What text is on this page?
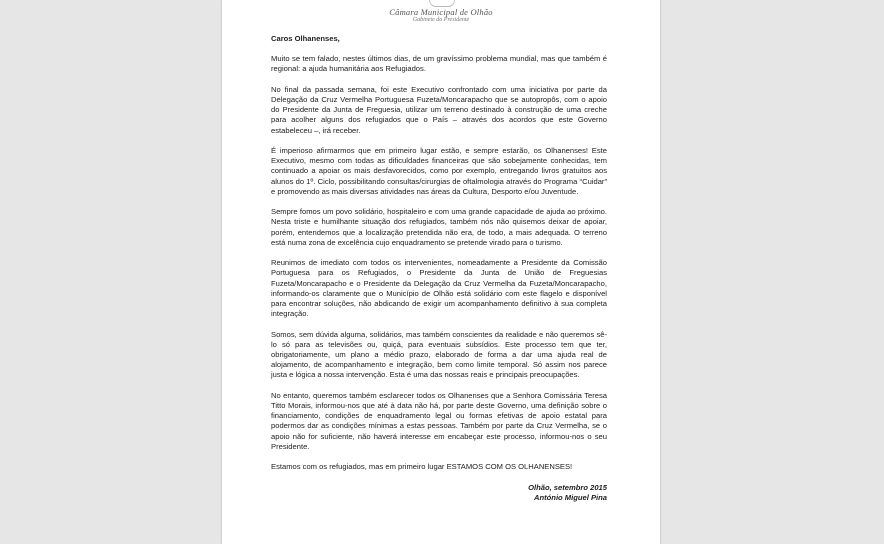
Câmara Municipal de Olhão
Gabinete do Presidente

Caros Olhanenses,

Muito se tem falado, nestes últimos dias, de um gravíssimo problema mundial, mas que também é regional: a ajuda humanitária aos Refugiados.

No final da passada semana, foi este Executivo confrontado com uma iniciativa por parte da Delegação da Cruz Vermelha Portuguesa Fuzeta/Moncarapacho que se autopropôs, com o apoio do Presidente da Junta de Freguesia, utilizar um terreno destinado à construção de uma creche para acolher alguns dos refugiados que o País – através dos acordos que este Governo estabeleceu –, irá receber.

É imperioso afirmarmos que em primeiro lugar estão, e sempre estarão, os Olhanenses! Este Executivo, mesmo com todas as dificuldades financeiras que são sobejamente conhecidas, tem continuado a apoiar os mais desfavorecidos, como por exemplo, entregando livros gratuitos aos alunos do 1º. Ciclo, possibilitando consultas/cirurgias de oftalmologia através do Programa “Cuidar” e promovendo as mais diversas atividades nas áreas da Cultura, Desporto e/ou Juventude.

Sempre fomos um povo solidário, hospitaleiro e com uma grande capacidade de ajuda ao próximo. Nesta triste e humilhante situação dos refugiados, também nós não quisemos deixar de apoiar, porém, entendemos que a localização pretendida não era, de todo, a mais adequada. O terreno está numa zona de excelência cujo enquadramento se pretende virado para o turismo.

Reunimos de imediato com todos os intervenientes, nomeadamente a Presidente da Comissão Portuguesa para os Refugiados, o Presidente da Junta de União de Freguesias Fuzeta/Moncarapacho e o Presidente da Delegação da Cruz Vermelha da Fuzeta/Moncarapacho, informando-os claramente que o Município de Olhão está solidário com este flagelo e disponível para encontrar soluções, não abdicando de exigir um acompanhamento definitivo à sua completa integração.

Somos, sem dúvida alguma, solidários, mas também conscientes da realidade e não queremos sê-lo só para as televisões ou, quiçá, para eventuais subsídios. Este processo tem que ter, obrigatoriamente, um plano a médio prazo, elaborado de forma a dar uma ajuda real de alojamento, de acompanhamento e integração, bem como limite temporal. Só assim nos parece justa e lógica a nossa intervenção. Esta é uma das nossas reais e principais preocupações.

No entanto, queremos também esclarecer todos os Olhanenses que a Senhora Comissária Teresa Titto Morais, informou-nos que até à data não há, por parte deste Governo, uma definição sobre o financiamento, condições de enquadramento legal ou formas efetivas de apoio estatal para podermos dar as condições mínimas a estas pessoas. Também por parte da Cruz Vermelha, se o apoio não for suficiente, não haverá interesse em encabeçar este processo, informou-nos o seu Presidente.

Estamos com os refugiados, mas em primeiro lugar ESTAMOS COM OS OLHANENSES!

Olhão, setembro 2015

António Miguel Pina
